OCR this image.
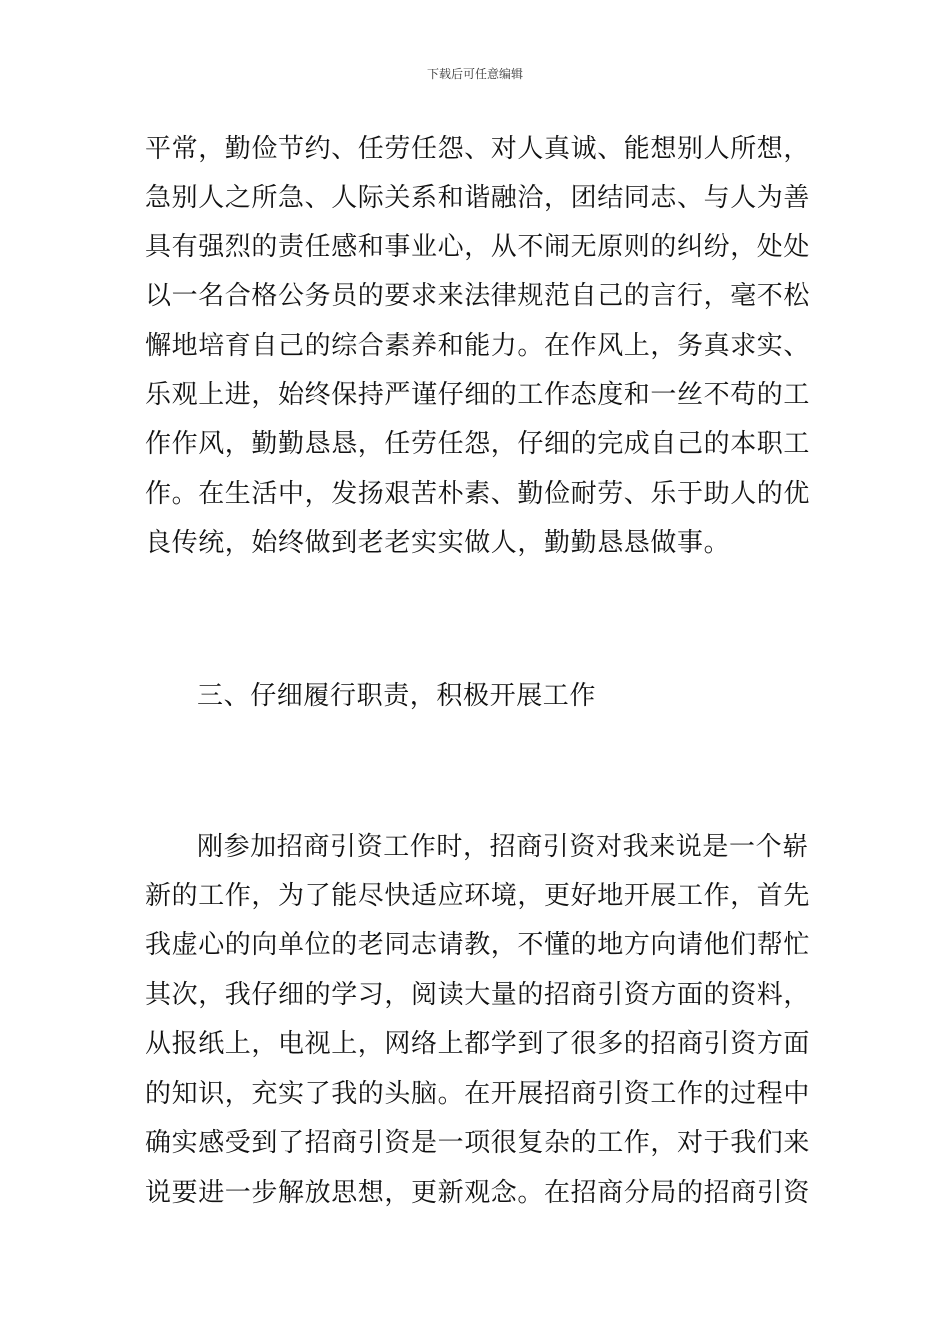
下载后可任意编辑
平常，勤俭节约、任劳任怨、对人真诚、能想别人所想，
急别人之所急、人际关系和谐融洽，团结同志、与人为善
具有强烈的责任感和事业心，从不闹无原则的纠纷，处处
以一名合格公务员的要求来法律规范自己的言行，毫不松
懈地培育自己的综合素养和能力。在作风上，务真求实、
乐观上进，始终保持严谨仔细的工作态度和一丝不苟的工
作作风，勤勤恳恳，任劳任怨，仔细的完成自己的本职工
作。在生活中，发扬艰苦朴素、勤俭耐劳、乐于助人的优
良传统，始终做到老老实实做人，勤勤恳恳做事。
三、仔细履行职责，积极开展工作
刚参加招商引资工作时，招商引资对我来说是一个崭
新的工作，为了能尽快适应环境，更好地开展工作，首先
我虚心的向单位的老同志请教，不懂的地方向请他们帮忙
其次，我仔细的学习，阅读大量的招商引资方面的资料，
从报纸上，电视上，网络上都学到了很多的招商引资方面
的知识，充实了我的头脑。在开展招商引资工作的过程中
确实感受到了招商引资是一项很复杂的工作，对于我们来
说要进一步解放思想，更新观念。在招商分局的招商引资
